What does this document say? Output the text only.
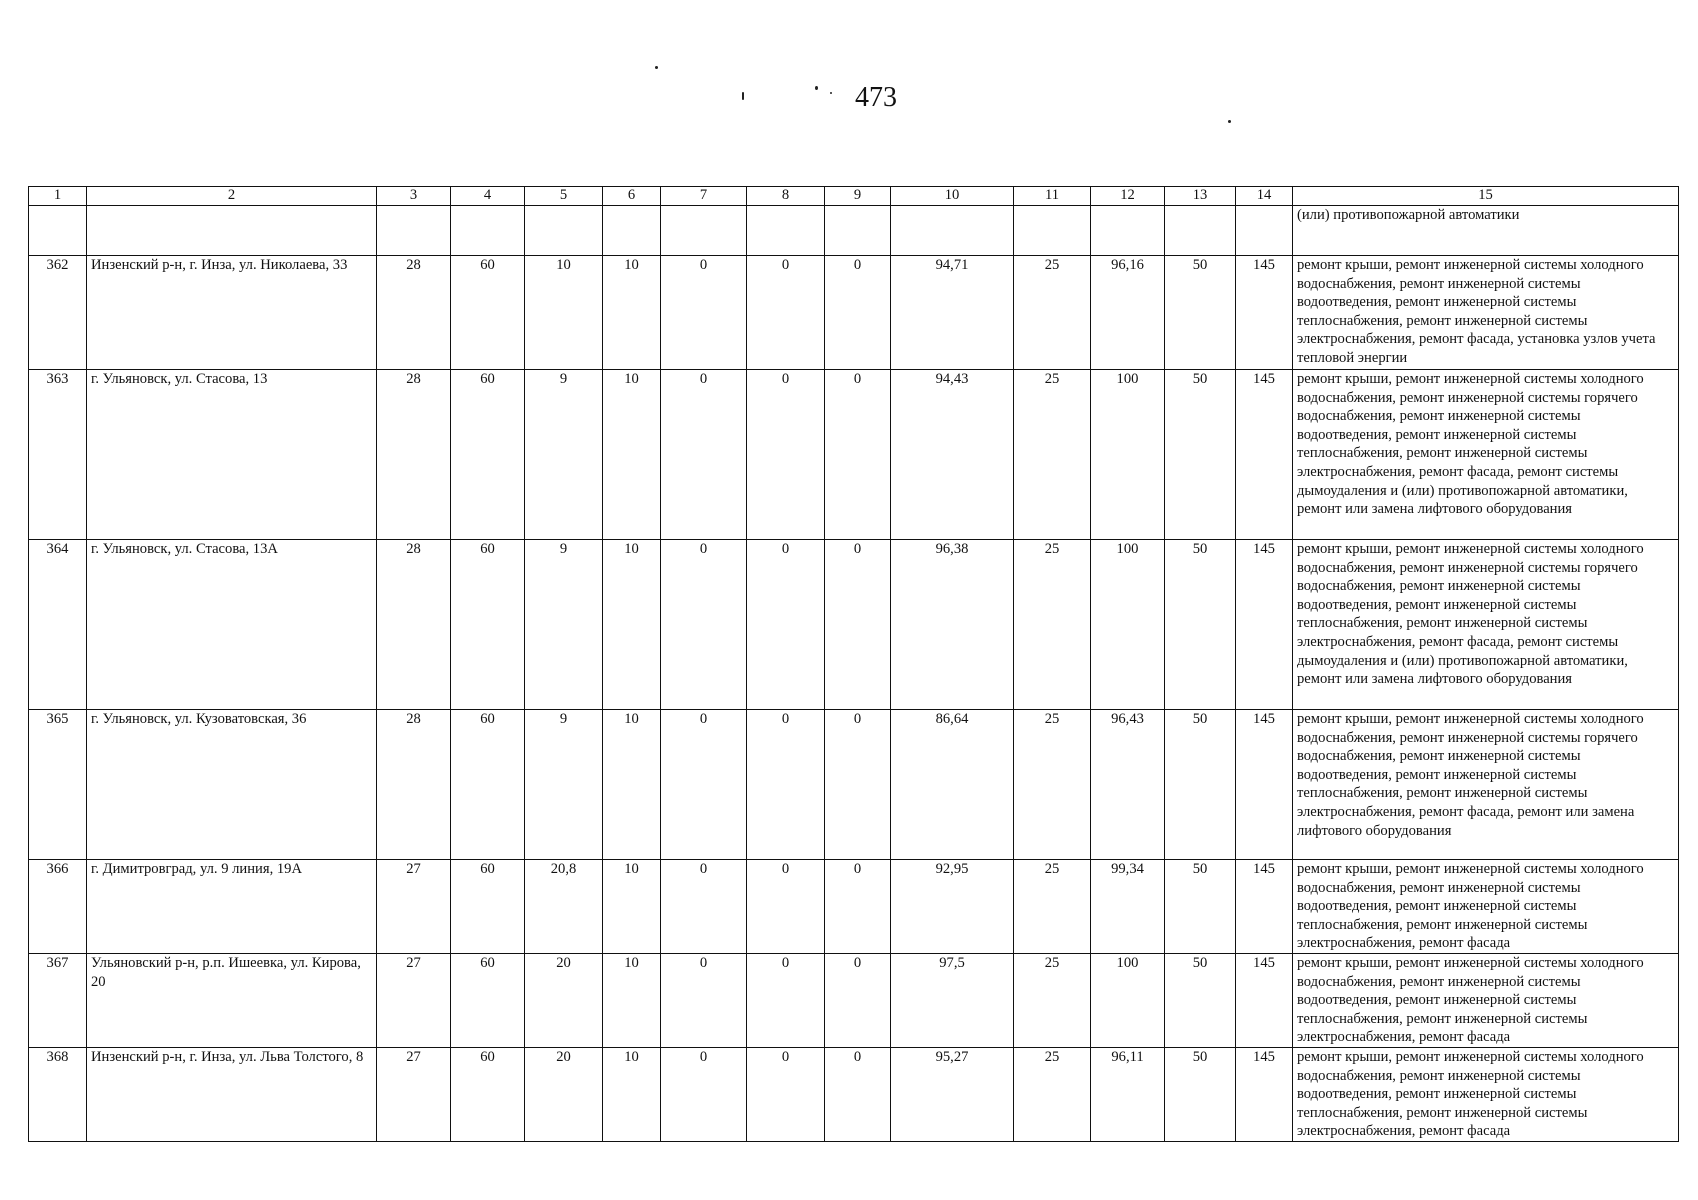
473
1	2	3	4	5	6	7	8	9	10	11	12	13	14	15
														(или) противопожарной автоматики
362	Инзенский р-н, г. Инза, ул. Николаева, 33	28	60	10	10	0	0	0	94,71	25	96,16	50	145	ремонт крыши, ремонт инженерной системы холодного водоснабжения, ремонт инженерной системы водоотведения, ремонт инженерной системы теплоснабжения, ремонт инженерной системы электроснабжения, ремонт фасада, установка узлов учета тепловой энергии
363	г. Ульяновск, ул. Стасова, 13	28	60	9	10	0	0	0	94,43	25	100	50	145	ремонт крыши, ремонт инженерной системы холодного водоснабжения, ремонт инженерной системы горячего водоснабжения, ремонт инженерной системы водоотведения, ремонт инженерной системы теплоснабжения, ремонт инженерной системы электроснабжения, ремонт фасада, ремонт системы дымоудаления и (или) противопожарной автоматики, ремонт или замена лифтового оборудования
364	г. Ульяновск, ул. Стасова, 13А	28	60	9	10	0	0	0	96,38	25	100	50	145	ремонт крыши, ремонт инженерной системы холодного водоснабжения, ремонт инженерной системы горячего водоснабжения, ремонт инженерной системы водоотведения, ремонт инженерной системы теплоснабжения, ремонт инженерной системы электроснабжения, ремонт фасада, ремонт системы дымоудаления и (или) противопожарной автоматики, ремонт или замена лифтового оборудования
365	г. Ульяновск, ул. Кузоватовская, 36	28	60	9	10	0	0	0	86,64	25	96,43	50	145	ремонт крыши, ремонт инженерной системы холодного водоснабжения, ремонт инженерной системы горячего водоснабжения, ремонт инженерной системы водоотведения, ремонт инженерной системы теплоснабжения, ремонт инженерной системы электроснабжения, ремонт фасада, ремонт или замена лифтового оборудования
366	г. Димитровград, ул. 9 линия, 19А	27	60	20,8	10	0	0	0	92,95	25	99,34	50	145	ремонт крыши, ремонт инженерной системы холодного водоснабжения, ремонт инженерной системы водоотведения, ремонт инженерной системы теплоснабжения, ремонт инженерной системы электроснабжения, ремонт фасада
367	Ульяновский р-н, р.п. Ишеевка, ул. Кирова, 20	27	60	20	10	0	0	0	97,5	25	100	50	145	ремонт крыши, ремонт инженерной системы холодного водоснабжения, ремонт инженерной системы водоотведения, ремонт инженерной системы теплоснабжения, ремонт инженерной системы электроснабжения, ремонт фасада
368	Инзенский р-н, г. Инза, ул. Льва Толстого, 8	27	60	20	10	0	0	0	95,27	25	96,11	50	145	ремонт крыши, ремонт инженерной системы холодного водоснабжения, ремонт инженерной системы водоотведения, ремонт инженерной системы теплоснабжения, ремонт инженерной системы электроснабжения, ремонт фасада
